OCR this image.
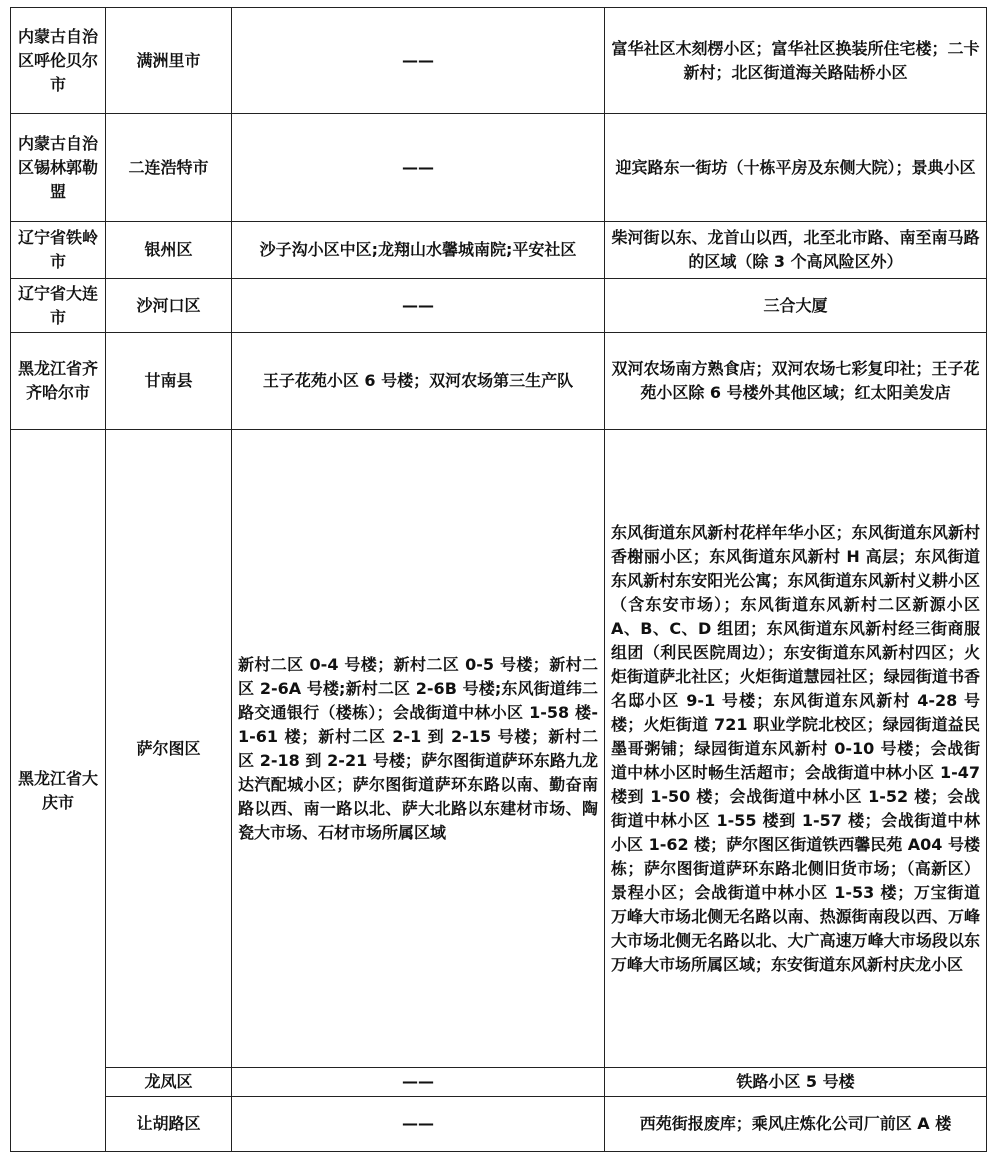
内蒙古自治区呼伦贝尔市	满洲里市	——	富华社区木刻楞小区；富华社区换装所住宅楼；二卡新村；北区街道海关路陆桥小区
内蒙古自治区锡林郭勒盟	二连浩特市	——	迎宾路东一街坊（十栋平房及东侧大院）；景典小区
辽宁省铁岭市	银州区	沙子沟小区中区;龙翔山水馨城南院;平安社区	柴河街以东、龙首山以西，北至北市路、南至南马路的区域（除 3 个高风险区外）
辽宁省大连市	沙河口区	——	三合大厦
黑龙江省齐齐哈尔市	甘南县	王子花苑小区 6 号楼；双河农场第三生产队	双河农场南方熟食店；双河农场七彩复印社；王子花苑小区除 6 号楼外其他区域；红太阳美发店
黑龙江省大庆市	萨尔图区	新村二区 0-4 号楼；新村二区 0-5 号楼；新村二区 2-6A 号楼;新村二区 2-6B 号楼;东风街道纬二路交通银行（楼栋）；会战街道中林小区 1-58 楼-1-61 楼；新村二区 2-1 到 2-15 号楼；新村二区 2-18 到 2-21 号楼；萨尔图街道萨环东路九龙达汽配城小区；萨尔图街道萨环东路以南、勤奋南路以西、南一路以北、萨大北路以东建材市场、陶瓷大市场、石材市场所属区域	东风街道东风新村花样年华小区；东风街道东风新村香榭丽小区；东风街道东风新村 H 高层；东风街道东风新村东安阳光公寓；东风街道东风新村义耕小区（含东安市场）；东风街道东风新村二区新源小区 A、B、C、D 组团；东风街道东风新村经三街商服组团（利民医院周边）；东安街道东风新村四区；火炬街道萨北社区；火炬街道慧园社区；绿园街道书香名邸小区 9-1 号楼；东风街道东风新村 4-28 号楼；火炬街道 721 职业学院北校区；绿园街道益民墨哥粥铺；绿园街道东风新村 0-10 号楼；会战街道中林小区时畅生活超市；会战街道中林小区 1-47 楼到 1-50 楼；会战街道中林小区 1-52 楼；会战街道中林小区 1-55 楼到 1-57 楼；会战街道中林小区 1-62 楼；萨尔图区街道铁西馨民苑 A04 号楼栋；萨尔图街道萨环东路北侧旧货市场；（高新区）景程小区；会战街道中林小区 1-53 楼；万宝街道万峰大市场北侧无名路以南、热源街南段以西、万峰大市场北侧无名路以北、大广高速万峰大市场段以东万峰大市场所属区域；东安街道东风新村庆龙小区
	龙凤区	——	铁路小区 5 号楼
	让胡路区	——	西苑街报废库；乘风庄炼化公司厂前区 A 楼
